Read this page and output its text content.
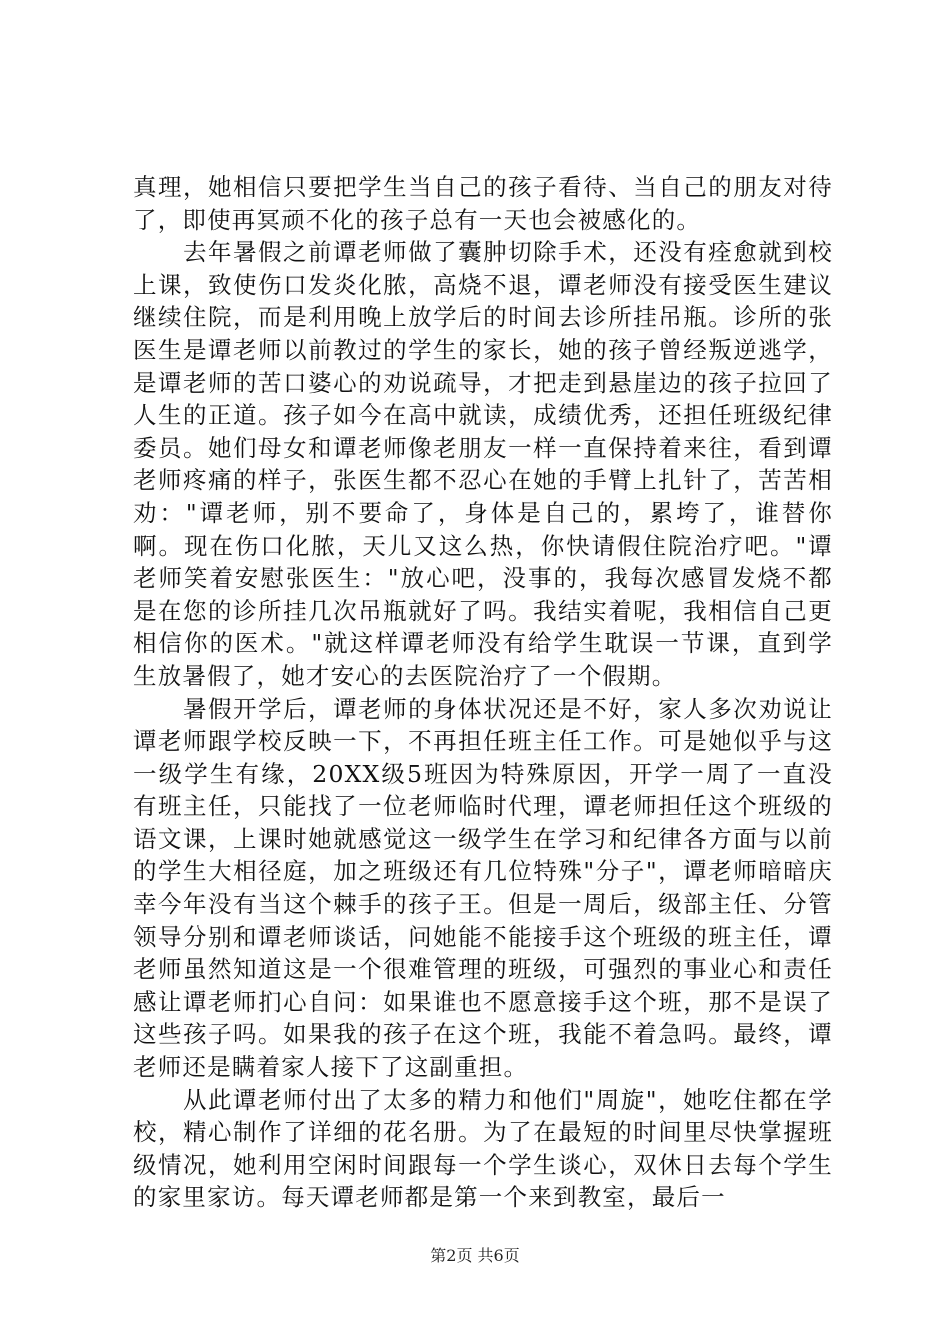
真理，她相信只要把学生当自己的孩子看待、当自己的朋友对待了，即使再冥顽不化的孩子总有一天也会被感化的。

去年暑假之前谭老师做了囊肿切除手术，还没有痊愈就到校上课，致使伤口发炎化脓，高烧不退，谭老师没有接受医生建议继续住院，而是利用晚上放学后的时间去诊所挂吊瓶。诊所的张医生是谭老师以前教过的学生的家长，她的孩子曾经叛逆逃学，是谭老师的苦口婆心的劝说疏导，才把走到悬崖边的孩子拉回了人生的正道。孩子如今在高中就读，成绩优秀，还担任班级纪律委员。她们母女和谭老师像老朋友一样一直保持着来往，看到谭老师疼痛的样子，张医生都不忍心在她的手臂上扎针了，苦苦相劝："谭老师，别不要命了，身体是自己的，累垮了，谁替你啊。现在伤口化脓，天儿又这么热，你快请假住院治疗吧。"谭老师笑着安慰张医生："放心吧，没事的，我每次感冒发烧不都是在您的诊所挂几次吊瓶就好了吗。我结实着呢，我相信自己更相信你的医术。"就这样谭老师没有给学生耽误一节课，直到学生放暑假了，她才安心的去医院治疗了一个假期。

暑假开学后，谭老师的身体状况还是不好，家人多次劝说让谭老师跟学校反映一下，不再担任班主任工作。可是她似乎与这一级学生有缘，20XX级5班因为特殊原因，开学一周了一直没有班主任，只能找了一位老师临时代理，谭老师担任这个班级的语文课，上课时她就感觉这一级学生在学习和纪律各方面与以前的学生大相径庭，加之班级还有几位特殊"分子"，谭老师暗暗庆幸今年没有当这个棘手的孩子王。但是一周后，级部主任、分管领导分别和谭老师谈话，问她能不能接手这个班级的班主任，谭老师虽然知道这是一个很难管理的班级，可强烈的事业心和责任感让谭老师扪心自问：如果谁也不愿意接手这个班，那不是误了这些孩子吗。如果我的孩子在这个班，我能不着急吗。最终，谭老师还是瞒着家人接下了这副重担。

从此谭老师付出了太多的精力和他们"周旋"，她吃住都在学校，精心制作了详细的花名册。为了在最短的时间里尽快掌握班级情况，她利用空闲时间跟每一个学生谈心，双休日去每个学生的家里家访。每天谭老师都是第一个来到教室，最后一

第2页 共6页
